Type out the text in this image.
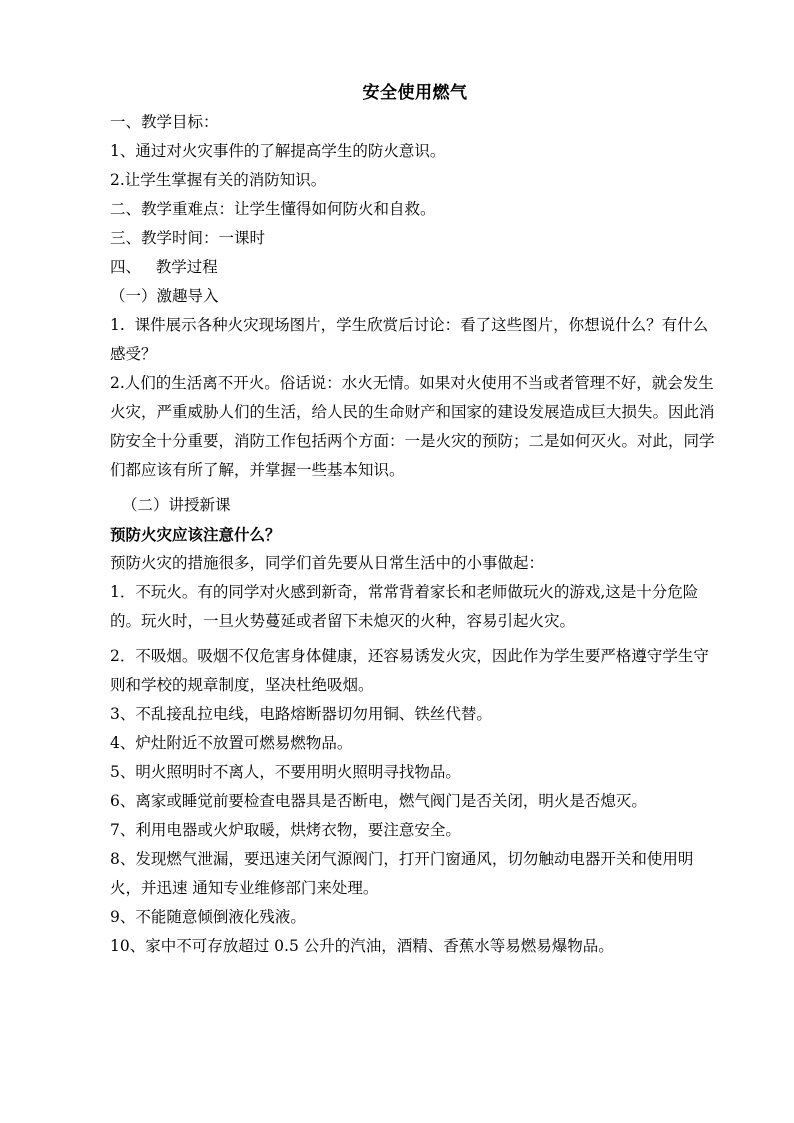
安全使用燃气

一、教学目标：

1、通过对火灾事件的了解提高学生的防火意识。

2.让学生掌握有关的消防知识。

二、教学重难点：让学生懂得如何防火和自救。

三、教学时间：一课时

四、   教学过程

（一）激趣导入

1.  课件展示各种火灾现场图片，学生欣赏后讨论：看了这些图片，你想说什么？有什么感受？

2.人们的生活离不开火。俗话说：水火无情。如果对火使用不当或者管理不好，就会发生火灾，严重威胁人们的生活，给人民的生命财产和国家的建设发展造成巨大损失。因此消防安全十分重要，消防工作包括两个方面：一是火灾的预防；二是如何灭火。对此，同学们都应该有所了解，并掌握一些基本知识。

（二）讲授新课

预防火灾应该注意什么？

预防火灾的措施很多，同学们首先要从日常生活中的小事做起：

1．不玩火。有的同学对火感到新奇，常常背着家长和老师做玩火的游戏,这是十分危险的。玩火时，一旦火势蔓延或者留下未熄灭的火种，容易引起火灾。

2．不吸烟。吸烟不仅危害身体健康，还容易诱发火灾，因此作为学生要严格遵守学生守则和学校的规章制度，坚决杜绝吸烟。

3、不乱接乱拉电线，电路熔断器切勿用铜、铁丝代替。

4、炉灶附近不放置可燃易燃物品。

5、明火照明时不离人，不要用明火照明寻找物品。

6、离家或睡觉前要检查电器具是否断电，燃气阀门是否关闭，明火是否熄灭。

7、利用电器或火炉取暖，烘烤衣物，要注意安全。

8、发现燃气泄漏，要迅速关闭气源阀门，打开门窗通风，切勿触动电器开关和使用明火，并迅速 通知专业维修部门来处理。

9、不能随意倾倒液化残液。

10、家中不可存放超过 0.5 公升的汽油，酒精、香蕉水等易燃易爆物品。
